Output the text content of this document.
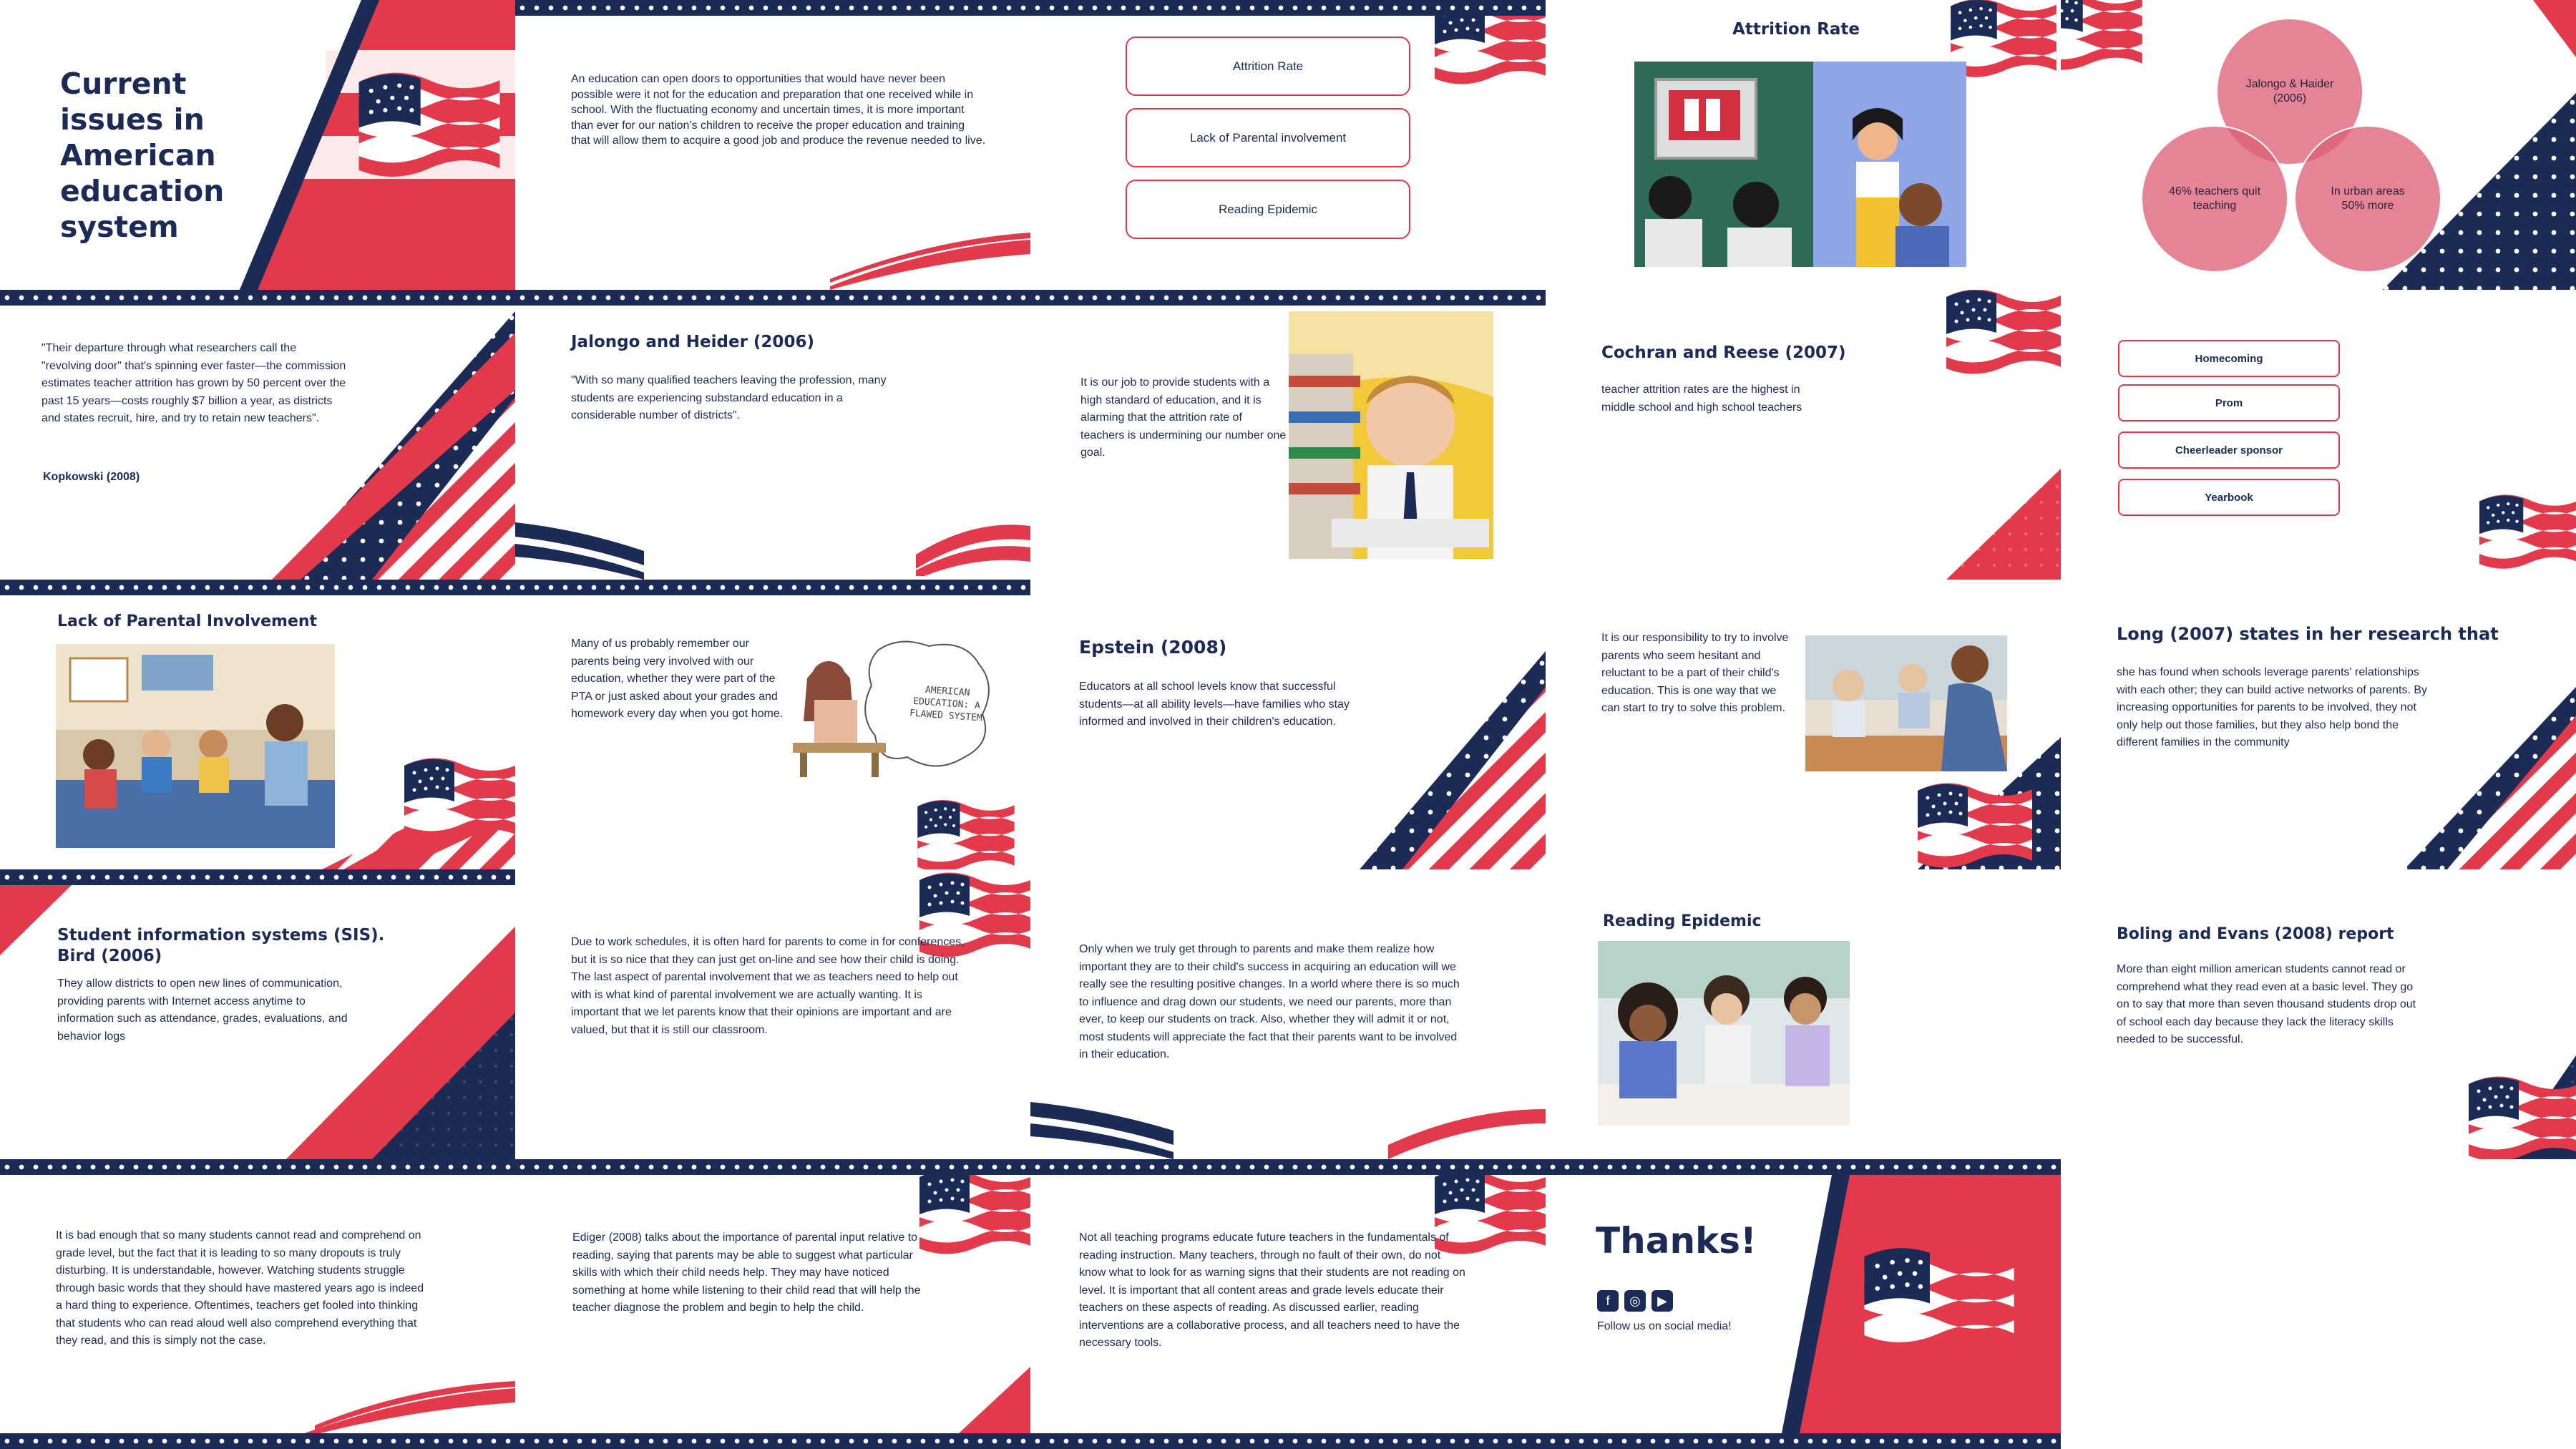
Current issues in American education system
An education can open doors to opportunities that would have never been possible were it not for the education and preparation that one received while in school. With the fluctuating economy and uncertain times, it is more important than ever for our nation's children to receive the proper education and training that will allow them to acquire a good job and produce the revenue needed to live.
Attrition Rate
Lack of Parental involvement
Reading Epidemic
Attrition Rate
Jalongo & Haider (2006)
46% teachers quit teaching
In urban areas 50% more
"Their departure through what researchers call the "revolving door" that's spinning ever faster—the commission estimates teacher attrition has grown by 50 percent over the past 15 years—costs roughly $7 billion a year, as districts and states recruit, hire, and try to retain new teachers".
Kopkowski (2008)
Jalongo and Heider (2006)
"With so many qualified teachers leaving the profession, many students are experiencing substandard education in a considerable number of districts".
It is our job to provide students with a high standard of education, and it is alarming that the attrition rate of teachers is undermining our number one goal.
Cochran and Reese (2007)
teacher attrition rates are the highest in middle school and high school teachers
Homecoming
Prom
Cheerleader sponsor
Yearbook
Lack of Parental Involvement
Many of us probably remember our parents being very involved with our education, whether they were part of the PTA or just asked about your grades and homework every day when you got home.
AMERICAN EDUCATION: A FLAWED SYSTEM
Epstein (2008)
Educators at all school levels know that successful students—at all ability levels—have families who stay informed and involved in their children's education.
It is our responsibility to try to involve parents who seem hesitant and reluctant to be a part of their child's education. This is one way that we can start to try to solve this problem.
Long (2007) states in her research that
she has found when schools leverage parents' relationships with each other; they can build active networks of parents. By increasing opportunities for parents to be involved, they not only help out those families, but they also help bond the different families in the community
Student information systems (SIS). Bird (2006)
They allow districts to open new lines of communication, providing parents with Internet access anytime to information such as attendance, grades, evaluations, and behavior logs
Due to work schedules, it is often hard for parents to come in for conferences, but it is so nice that they can just get on-line and see how their child is doing. The last aspect of parental involvement that we as teachers need to help out with is what kind of parental involvement we are actually wanting. It is important that we let parents know that their opinions are important and are valued, but that it is still our classroom.
Only when we truly get through to parents and make them realize how important they are to their child's success in acquiring an education will we really see the resulting positive changes. In a world where there is so much to influence and drag down our students, we need our parents, more than ever, to keep our students on track. Also, whether they will admit it or not, most students will appreciate the fact that their parents want to be involved in their education.
Reading Epidemic
Boling and Evans (2008) report
More than eight million american students cannot read or comprehend what they read even at a basic level. They go on to say that more than seven thousand students drop out of school each day because they lack the literacy skills needed to be successful.
It is bad enough that so many students cannot read and comprehend on grade level, but the fact that it is leading to so many dropouts is truly disturbing. It is understandable, however. Watching students struggle through basic words that they should have mastered years ago is indeed a hard thing to experience. Oftentimes, teachers get fooled into thinking that students who can read aloud well also comprehend everything that they read, and this is simply not the case.
Ediger (2008) talks about the importance of parental input relative to reading, saying that parents may be able to suggest what particular skills with which their child needs help. They may have noticed something at home while listening to their child read that will help the teacher diagnose the problem and begin to help the child.
Not all teaching programs educate future teachers in the fundamentals of reading instruction. Many teachers, through no fault of their own, do not know what to look for as warning signs that their students are not reading on level. It is important that all content areas and grade levels educate their teachers on these aspects of reading. As discussed earlier, reading interventions are a collaborative process, and all teachers need to have the necessary tools.
Thanks!
f	◎	▶
Follow us on social media!
